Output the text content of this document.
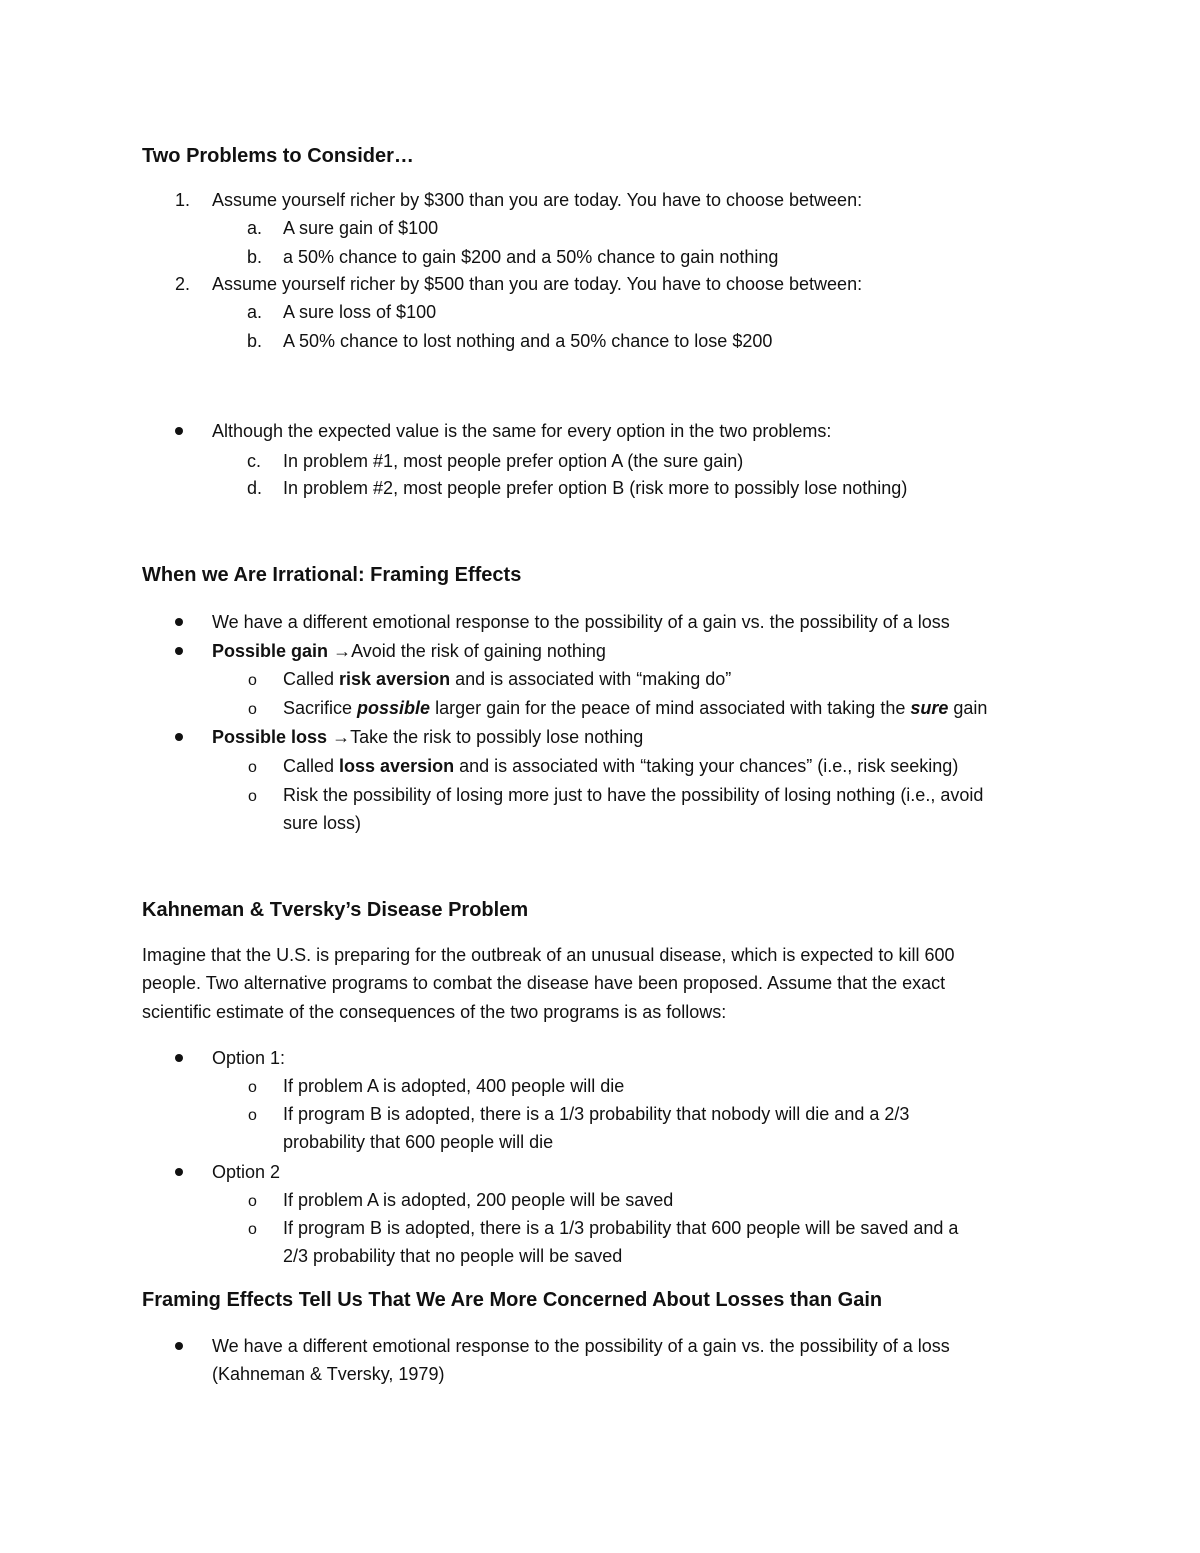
Two Problems to Consider…
1. Assume yourself richer by $300 than you are today. You have to choose between:
a. A sure gain of $100
b. a 50% chance to gain $200 and a 50% chance to gain nothing
2. Assume yourself richer by $500 than you are today. You have to choose between:
a. A sure loss of $100
b. A 50% chance to lost nothing and a 50% chance to lose $200
Although the expected value is the same for every option in the two problems:
c. In problem #1, most people prefer option A (the sure gain)
d. In problem #2, most people prefer option B (risk more to possibly lose nothing)
When we Are Irrational: Framing Effects
We have a different emotional response to the possibility of a gain vs. the possibility of a loss
Possible gain →Avoid the risk of gaining nothing
o Called risk aversion and is associated with “making do”
o Sacrifice possible larger gain for the peace of mind associated with taking the sure gain
Possible loss →Take the risk to possibly lose nothing
o Called loss aversion and is associated with “taking your chances” (i.e., risk seeking)
o Risk the possibility of losing more just to have the possibility of losing nothing (i.e., avoid
sure loss)
Kahneman & Tversky’s Disease Problem
Imagine that the U.S. is preparing for the outbreak of an unusual disease, which is expected to kill 600
people. Two alternative programs to combat the disease have been proposed. Assume that the exact
scientific estimate of the consequences of the two programs is as follows:
Option 1:
o If problem A is adopted, 400 people will die
o If program B is adopted, there is a 1/3 probability that nobody will die and a 2/3
probability that 600 people will die
Option 2
o If problem A is adopted, 200 people will be saved
o If program B is adopted, there is a 1/3 probability that 600 people will be saved and a
2/3 probability that no people will be saved
Framing Effects Tell Us That We Are More Concerned About Losses than Gain
We have a different emotional response to the possibility of a gain vs. the possibility of a loss
(Kahneman & Tversky, 1979)
